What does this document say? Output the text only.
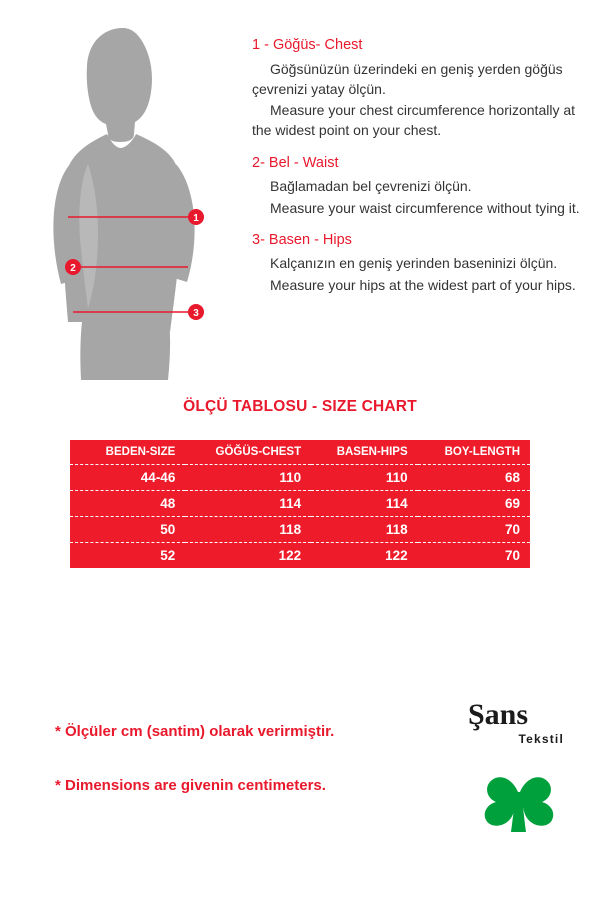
1
2
3
1 - Göğüs- Chest
Göğsünüzün üzerindeki en geniş yerden göğüs çevrenizi yatay ölçün.
Measure your chest circumference horizontally at the widest point on your chest.
2- Bel - Waist
Bağlamadan bel çevrenizi ölçün.
Measure your waist circumference without tying it.
3- Basen - Hips
Kalçanızın en geniş yerinden baseninizi ölçün.
Measure your hips at the widest part of your hips.
ÖLÇÜ TABLOSU - SIZE CHART
BEDEN-SIZE	GÖĞÜS-CHEST	BASEN-HIPS	BOY-LENGTH
44-46	110	110	68
48	114	114	69
50	118	118	70
52	122	122	70
* Ölçüler cm (santim) olarak verirmiştir.
* Dimensions are givenin centimeters.
Şans
Tekstil
